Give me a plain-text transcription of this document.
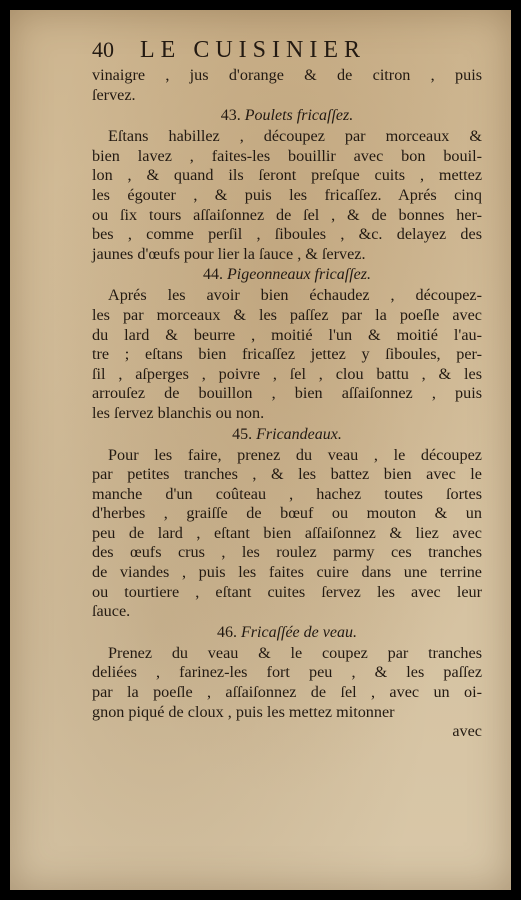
40	LE CUISINIER
vinaigre , jus d'orange & de citron , puis
ſervez.
43. Poulets fricaſſez.
Eſtans habillez , découpez par morceaux &
bien lavez , faites-les bouillir avec bon bouil-
lon , & quand ils ſeront preſque cuits , mettez
les égouter , & puis les fricaſſez. Aprés cinq
ou ſix tours aſſaiſonnez de ſel , & de bonnes her-
bes , comme perſil , ſiboules , &c. delayez des
jaunes d'œufs pour lier la ſauce , & ſervez.
44. Pigeonneaux fricaſſez.
Aprés les avoir bien échaudez , découpez-
les par morceaux & les paſſez par la poeſle avec
du lard & beurre , moitié l'un & moitié l'au-
tre ; eſtans bien fricaſſez jettez y ſiboules, per-
ſil , aſperges , poivre , ſel , clou battu , & les
arrouſez de bouillon , bien aſſaiſonnez , puis
les ſervez blanchis ou non.
45. Fricandeaux.
Pour les faire, prenez du veau , le découpez
par petites tranches , & les battez bien avec le
manche d'un coûteau , hachez toutes ſortes
d'herbes , graiſſe de bœuf ou mouton & un
peu de lard , eſtant bien aſſaiſonnez & liez avec
des œufs crus , les roulez parmy ces tranches
de viandes , puis les faites cuire dans une terrine
ou tourtiere , eſtant cuites ſervez les avec leur
ſauce.
46. Fricaſſée de veau.
Prenez du veau & le coupez par tranches
deliées , farinez-les fort peu , & les paſſez
par la poeſle , aſſaiſonnez de ſel , avec un oi-
gnon piqué de cloux , puis les mettez mitonner
avec
